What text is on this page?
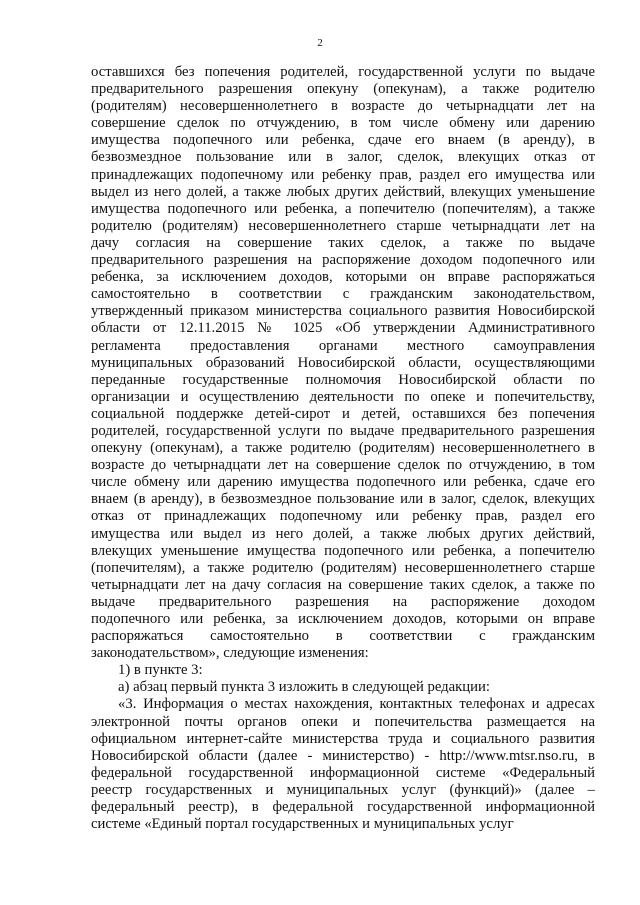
2
оставшихся без попечения родителей, государственной услуги по выдаче
предварительного разрешения опекуну (опекунам), а также родителю
(родителям) несовершеннолетнего в возрасте до четырнадцати лет на
совершение сделок по отчуждению, в том числе обмену или дарению
имущества подопечного или ребенка, сдаче его внаем (в аренду), в
безвозмездное пользование или в залог, сделок, влекущих отказ от
принадлежащих подопечному или ребенку прав, раздел его имущества или
выдел из него долей, а также любых других действий, влекущих уменьшение
имущества подопечного или ребенка, а попечителю (попечителям), а также
родителю (родителям) несовершеннолетнего старше четырнадцати лет на
дачу согласия на совершение таких сделок, а также по выдаче
предварительного разрешения на распоряжение доходом подопечного или
ребенка, за исключением доходов, которыми он вправе распоряжаться
самостоятельно в соответствии с гражданским законодательством,
утвержденный приказом министерства социального развития Новосибирской
области от 12.11.2015 № 1025 «Об утверждении Административного
регламента предоставления органами местного самоуправления
муниципальных образований Новосибирской области, осуществляющими
переданные государственные полномочия Новосибирской области по
организации и осуществлению деятельности по опеке и попечительству,
социальной поддержке детей-сирот и детей, оставшихся без попечения
родителей, государственной услуги по выдаче предварительного разрешения
опекуну (опекунам), а также родителю (родителям) несовершеннолетнего в
возрасте до четырнадцати лет на совершение сделок по отчуждению, в том
числе обмену или дарению имущества подопечного или ребенка, сдаче его
внаем (в аренду), в безвозмездное пользование или в залог, сделок, влекущих
отказ от принадлежащих подопечному или ребенку прав, раздел его
имущества или выдел из него долей, а также любых других действий,
влекущих уменьшение имущества подопечного или ребенка, а попечителю
(попечителям), а также родителю (родителям) несовершеннолетнего старше
четырнадцати лет на дачу согласия на совершение таких сделок, а также по
выдаче предварительного разрешения на распоряжение доходом
подопечного или ребенка, за исключением доходов, которыми он вправе
распоряжаться самостоятельно в соответствии с гражданским
законодательством», следующие изменения:
1) в пункте 3:
а) абзац первый пункта 3 изложить в следующей редакции:
«3. Информация о местах нахождения, контактных телефонах и адресах
электронной почты органов опеки и попечительства размещается на
официальном интернет-сайте министерства труда и социального развития
Новосибирской области (далее - министерство) - http://www.mtsr.nso.ru, в
федеральной государственной информационной системе «Федеральный
реестр государственных и муниципальных услуг (функций)» (далее –
федеральный реестр), в федеральной государственной информационной
системе «Единый портал государственных и муниципальных услуг
